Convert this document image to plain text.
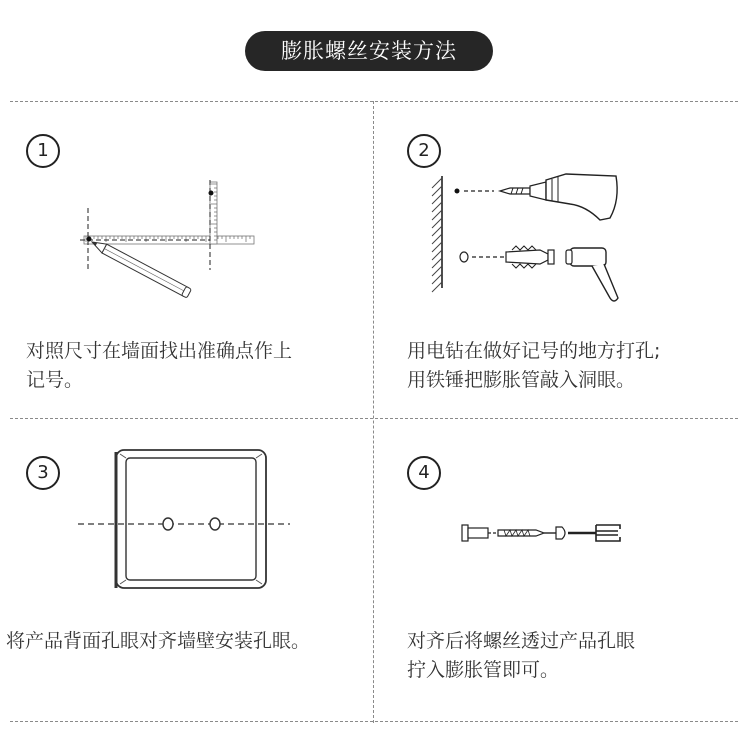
膨胀螺丝安装方法
1
对照尺寸在墙面找出准确点作上
记号。
2
用电钻在做好记号的地方打孔;
用铁锤把膨胀管敲入洞眼。
3
将产品背面孔眼对齐墙壁安装孔眼。
4
对齐后将螺丝透过产品孔眼
拧入膨胀管即可。
